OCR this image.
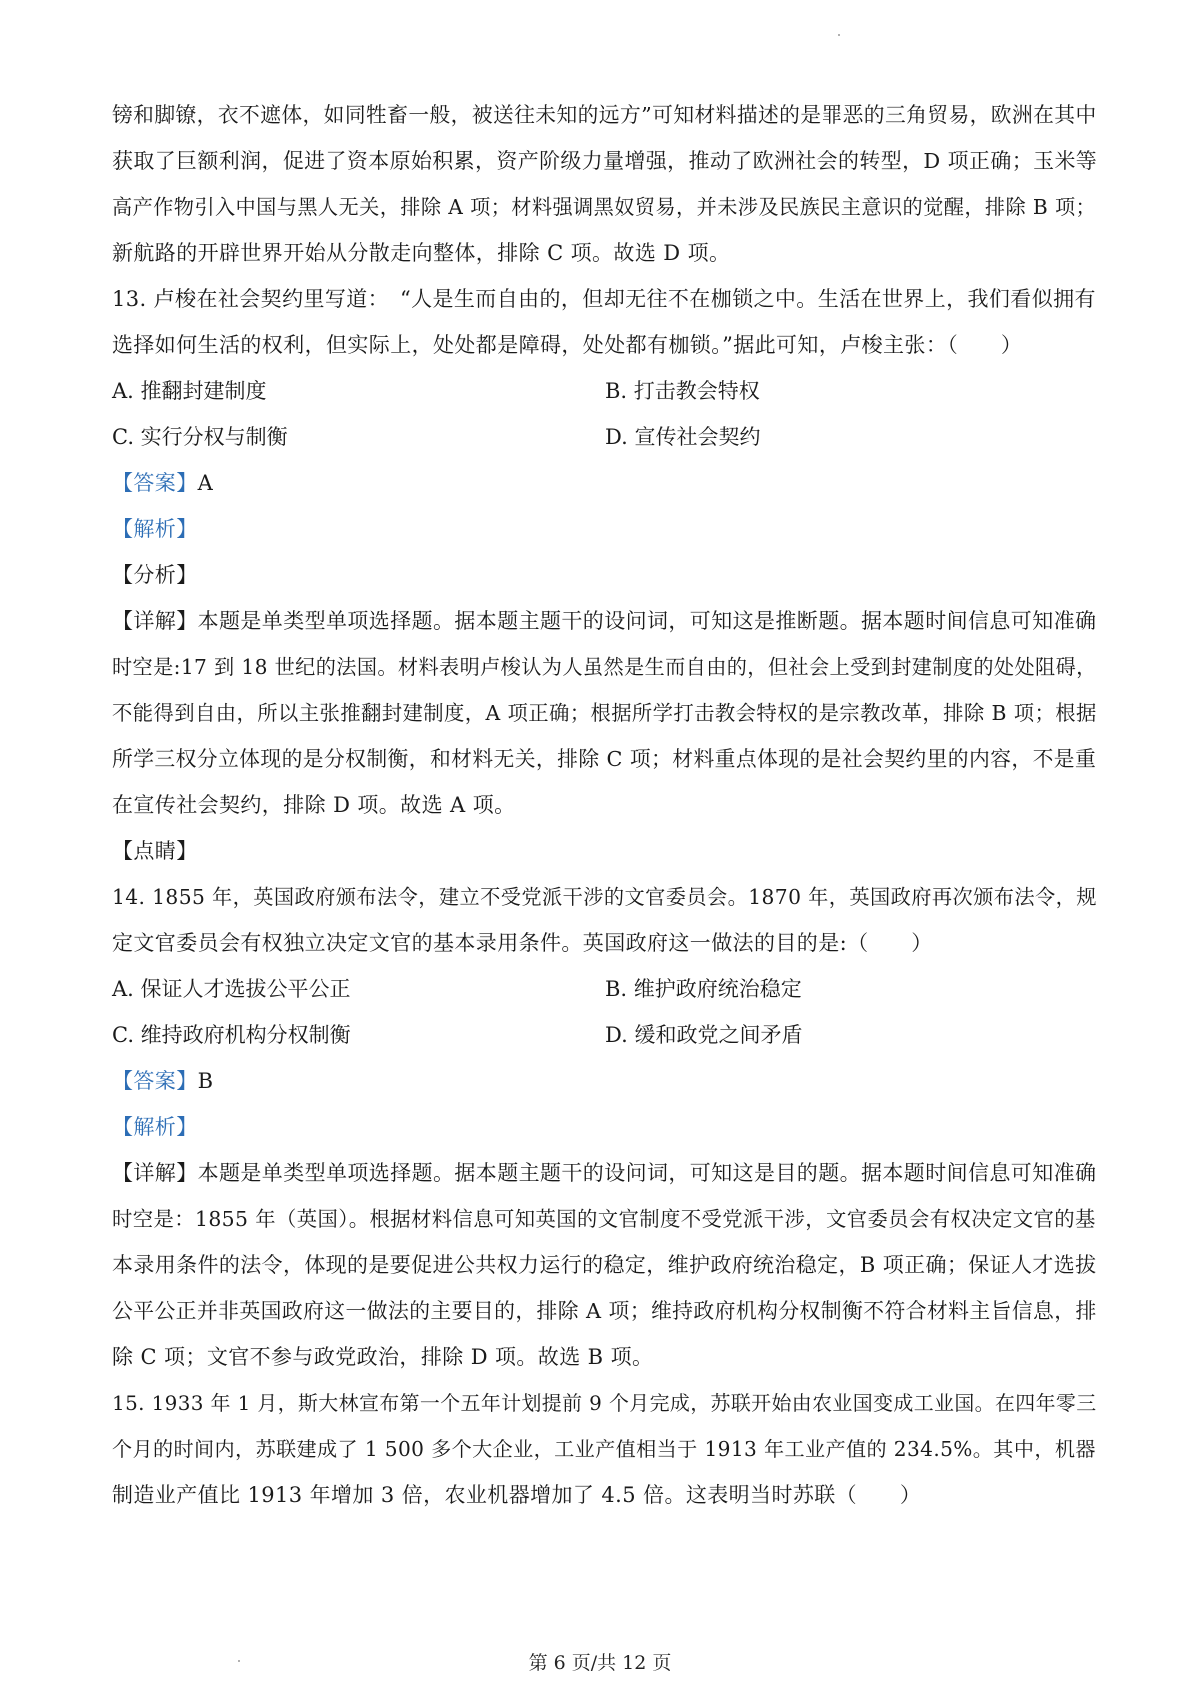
镑和脚镣，衣不遮体，如同牲畜一般，被送往未知的远方”可知材料描述的是罪恶的三角贸易，欧洲在其中
获取了巨额利润，促进了资本原始积累，资产阶级力量增强，推动了欧洲社会的转型，D 项正确；玉米等
高产作物引入中国与黑人无关，排除 A 项；材料强调黑奴贸易，并未涉及民族民主意识的觉醒，排除 B 项；
新航路的开辟世界开始从分散走向整体，排除 C 项。故选 D 项。
13. 卢梭在社会契约里写道：　“人是生而自由的，但却无往不在枷锁之中。生活在世界上，我们看似拥有
选择如何生活的权利，但实际上，处处都是障碍，处处都有枷锁。”据此可知，卢梭主张：（　　）
A. 推翻封建制度	B. 打击教会特权
C. 实行分权与制衡	D. 宣传社会契约
【答案】A
【解析】
【分析】
【详解】本题是单类型单项选择题。据本题主题干的设问词，可知这是推断题。据本题时间信息可知准确
时空是:17 到 18 世纪的法国。材料表明卢梭认为人虽然是生而自由的，但社会上受到封建制度的处处阻碍，
不能得到自由，所以主张推翻封建制度，A 项正确；根据所学打击教会特权的是宗教改革，排除 B 项；根据
所学三权分立体现的是分权制衡，和材料无关，排除 C 项；材料重点体现的是社会契约里的内容，不是重
在宣传社会契约，排除 D 项。故选 A 项。
【点睛】
14. 1855 年，英国政府颁布法令，建立不受党派干涉的文官委员会。1870 年，英国政府再次颁布法令，规
定文官委员会有权独立决定文官的基本录用条件。英国政府这一做法的目的是:（　　）
A. 保证人才选拔公平公正	B. 维护政府统治稳定
C. 维持政府机构分权制衡	D. 缓和政党之间矛盾
【答案】B
【解析】
【详解】本题是单类型单项选择题。据本题主题干的设问词，可知这是目的题。据本题时间信息可知准确
时空是：1855 年（英国）。根据材料信息可知英国的文官制度不受党派干涉，文官委员会有权决定文官的基
本录用条件的法令，体现的是要促进公共权力运行的稳定，维护政府统治稳定，B 项正确；保证人才选拔
公平公正并非英国政府这一做法的主要目的，排除 A 项；维持政府机构分权制衡不符合材料主旨信息，排
除 C 项；文官不参与政党政治，排除 D 项。故选 B 项。
15. 1933 年 1 月，斯大林宣布第一个五年计划提前 9 个月完成，苏联开始由农业国变成工业国。在四年零三
个月的时间内，苏联建成了 1 500 多个大企业，工业产值相当于 1913 年工业产值的 234.5%。其中，机器
制造业产值比 1913 年增加 3 倍，农业机器增加了 4.5 倍。这表明当时苏联（　　）
第 6 页/共 12 页
